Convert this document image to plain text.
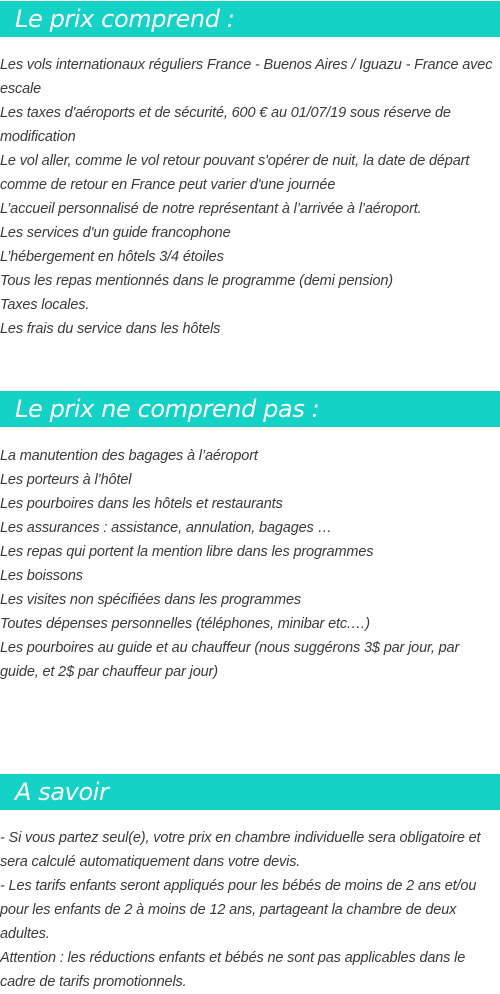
Le prix comprend :
Les vols internationaux réguliers France - Buenos Aires / Iguazu - France avec escale
Les taxes d'aéroports et de sécurité, 600 € au 01/07/19 sous réserve de modification
Le vol aller, comme le vol retour pouvant s'opérer de nuit, la date de départ comme de retour en France peut varier d'une journée
L’accueil personnalisé de notre représentant à l’arrivée à l’aéroport.
Les services d'un guide francophone
L’hébergement en hôtels 3/4 étoiles
Tous les repas mentionnés dans le programme (demi pension)
Taxes locales.
Les frais du service dans les hôtels
Le prix ne comprend pas :
La manutention des bagages à l’aéroport
Les porteurs à l’hôtel
Les pourboires dans les hôtels et restaurants
Les assurances : assistance, annulation, bagages …
Les repas qui portent la mention libre dans les programmes
Les boissons
Les visites non spécifiées dans les programmes
Toutes dépenses personnelles (téléphones, minibar etc.…)
Les pourboires au guide et au chauffeur (nous suggérons 3$ par jour, par guide, et 2$ par chauffeur par jour)
A savoir
- Si vous partez seul(e), votre prix en chambre individuelle sera obligatoire et sera calculé automatiquement dans votre devis.
- Les tarifs enfants seront appliqués pour les bébés de moins de 2 ans et/ou pour les enfants de 2 à moins de 12 ans, partageant la chambre de deux adultes.
Attention : les réductions enfants et bébés ne sont pas applicables dans le cadre de tarifs promotionnels.
